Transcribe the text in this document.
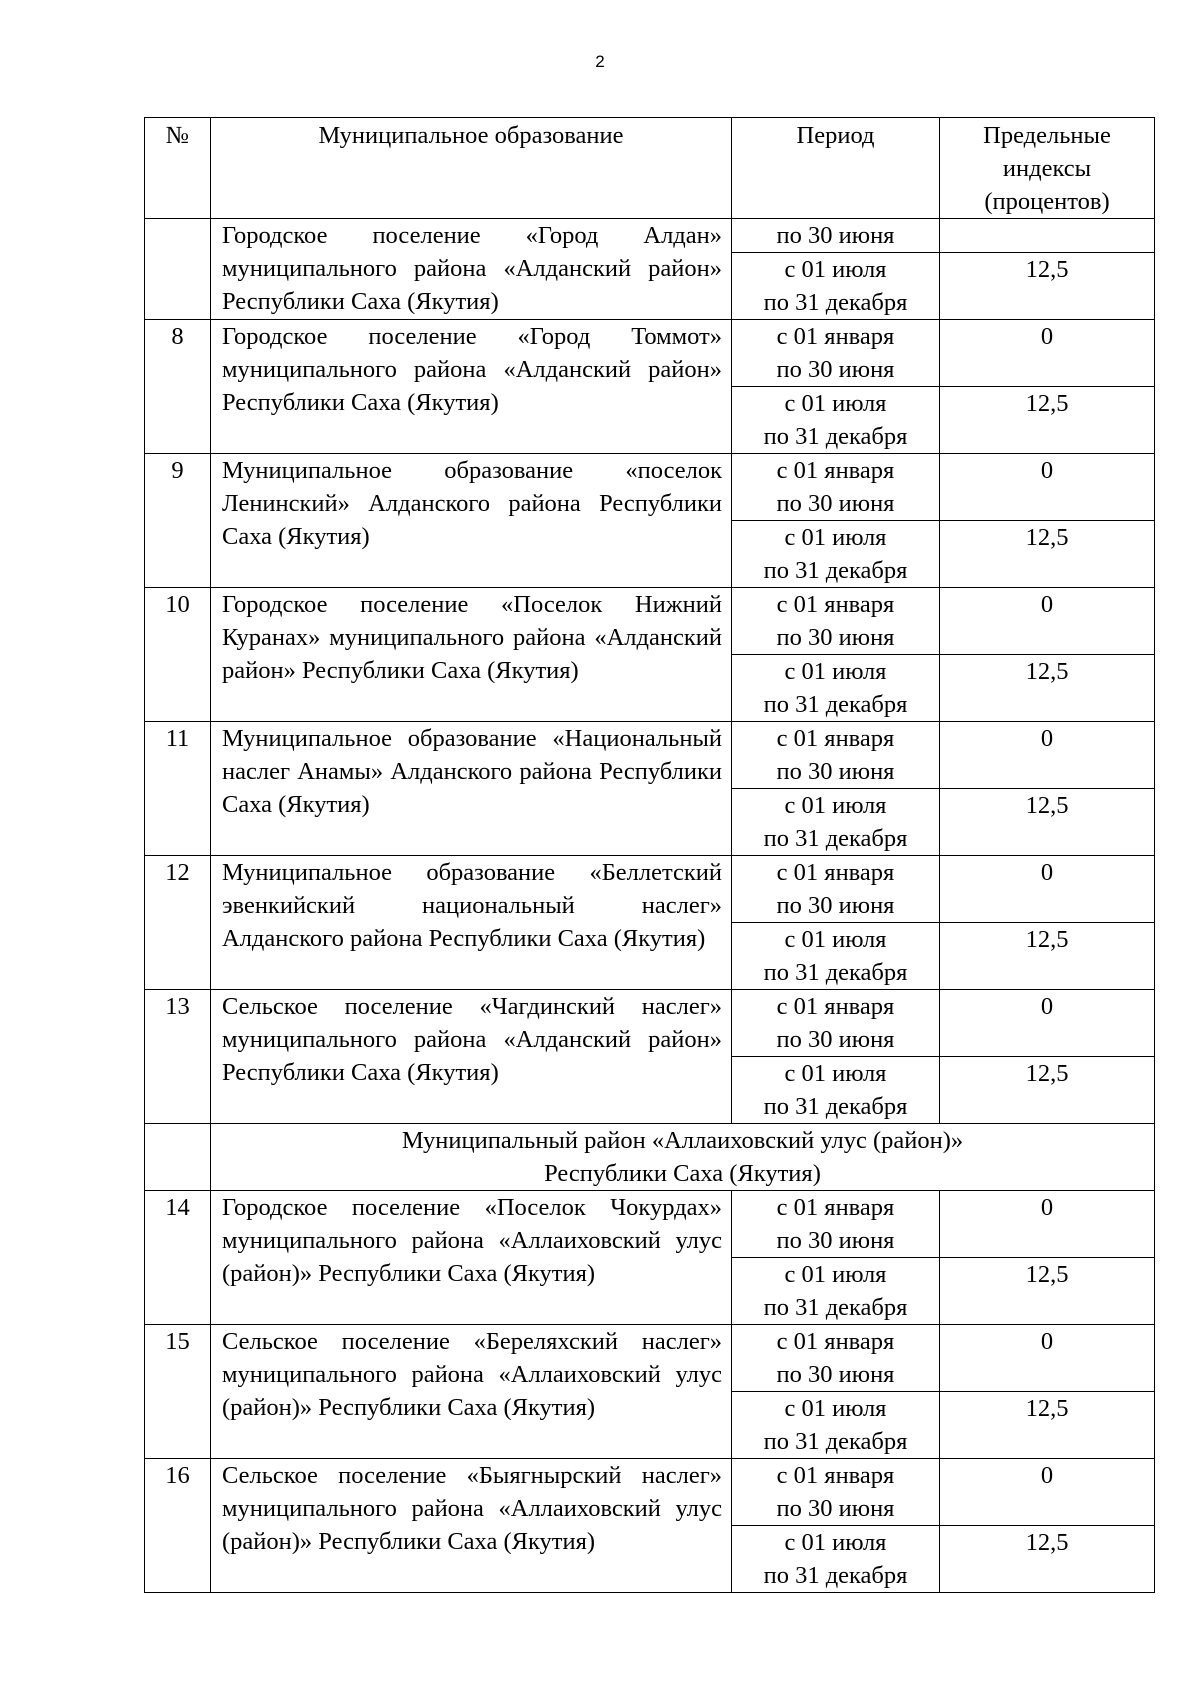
2
№	Муниципальное образование	Период	Предельные
индексы
(процентов)

	Городское поселение «Город Алдан» муниципального района «Алданский район» Республики Саха (Якутия)	по 30 июня	

		с 01 июля
по 31 декабря	12,5
8	Городское поселение «Город Томмот» муниципального района «Алданский район» Республики Саха (Якутия)	с 01 января
по 30 июня	0

		с 01 июля
по 31 декабря	12,5
9	Муниципальное образование «поселок Ленинский» Алданского района Республики Саха (Якутия)	с 01 января
по 30 июня	0

		с 01 июля
по 31 декабря	12,5
10	Городское поселение «Поселок Нижний Куранах» муниципального района «Алданский район» Республики Саха (Якутия)	с 01 января
по 30 июня	0

		с 01 июля
по 31 декабря	12,5
11	Муниципальное образование «Национальный наслег Анамы» Алданского района Республики Саха (Якутия)	с 01 января
по 30 июня	0

		с 01 июля
по 31 декабря	12,5
12	Муниципальное образование «Беллетский эвенкийский национальный наслег» Алданского района Республики Саха (Якутия)	с 01 января
по 30 июня	0

		с 01 июля
по 31 декабря	12,5
13	Сельское поселение «Чагдинский наслег» муниципального района «Алданский район» Республики Саха (Якутия)	с 01 января
по 30 июня	0

		с 01 июля
по 31 декабря	12,5

	Муниципальный район «Аллаиховский улус (район)»
Республики Саха (Якутия)		

14	Городское поселение «Поселок Чокурдах» муниципального района «Аллаиховский улус (район)» Республики Саха (Якутия)	с 01 января
по 30 июня	0

		с 01 июля
по 31 декабря	12,5
15	Сельское поселение «Береляхский наслег» муниципального района «Аллаиховский улус (район)» Республики Саха (Якутия)	с 01 января
по 30 июня	0

		с 01 июля
по 31 декабря	12,5
16	Сельское поселение «Быягнырский наслег» муниципального района «Аллаиховский улус (район)» Республики Саха (Якутия)	с 01 января
по 30 июня	0

		с 01 июля
по 31 декабря	12,5
